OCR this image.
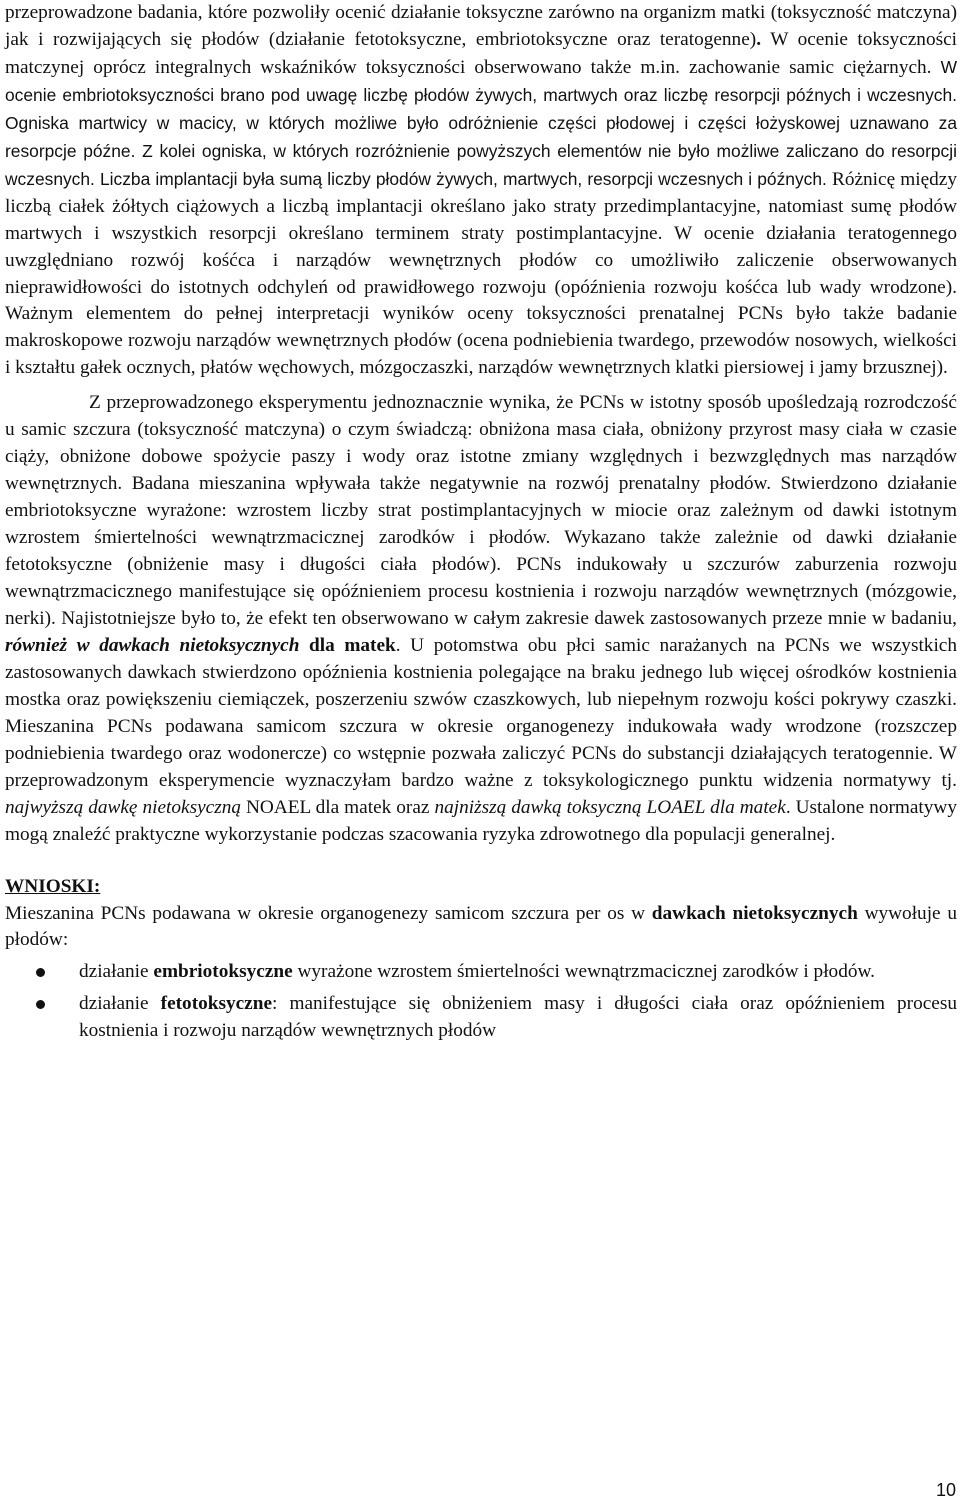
przeprowadzone badania, które pozwoliły ocenić działanie toksyczne zarówno na organizm matki (toksyczność matczyna) jak i rozwijających się płodów (działanie fetotoksyczne, embriotoksyczne oraz teratogenne). W ocenie toksyczności matczynej oprócz integralnych wskaźników toksyczności obserwowano także m.in. zachowanie samic ciężarnych. W ocenie embriotoksyczności brano pod uwagę liczbę płodów żywych, martwych oraz liczbę resorpcji późnych i wczesnych. Ogniska martwicy w macicy, w których możliwe było odróżnienie części płodowej i części łożyskowej uznawano za resorpcje późne. Z kolei ogniska, w których rozróżnienie powyższych elementów nie było możliwe zaliczano do resorpcji wczesnych. Liczba implantacji była sumą liczby płodów żywych, martwych, resorpcji wczesnych i późnych. Różnicę między liczbą ciałek żółtych ciążowych a liczbą implantacji określano jako straty przedimplantacyjne, natomiast sumę płodów martwych i wszystkich resorpcji określano terminem straty postimplantacyjne. W ocenie działania teratogennego uwzględniano rozwój kośćca i narządów wewnętrznych płodów co umożliwiło zaliczenie obserwowanych nieprawidłowości do istotnych odchyleń od prawidłowego rozwoju (opóźnienia rozwoju kośćca lub wady wrodzone). Ważnym elementem do pełnej interpretacji wyników oceny toksyczności prenatalnej PCNs było także badanie makroskopowe rozwoju narządów wewnętrznych płodów (ocena podniebienia twardego, przewodów nosowych, wielkości i kształtu gałek ocznych, płatów węchowych, mózgoczaszki, narządów wewnętrznych klatki piersiowej i jamy brzusznej).

Z przeprowadzonego eksperymentu jednoznacznie wynika, że PCNs w istotny sposób upośledzają rozrodczość u samic szczura (toksyczność matczyna) o czym świadczą: obniżona masa ciała, obniżony przyrost masy ciała w czasie ciąży, obniżone dobowe spożycie paszy i wody oraz istotne zmiany względnych i bezwzględnych mas narządów wewnętrznych. Badana mieszanina wpływała także negatywnie na rozwój prenatalny płodów. Stwierdzono działanie embriotoksyczne wyrażone: wzrostem liczby strat postimplantacyjnych w miocie oraz zależnym od dawki istotnym wzrostem śmiertelności wewnątrzmacicznej zarodków i płodów. Wykazano także zależnie od dawki działanie fetotoksyczne (obniżenie masy i długości ciała płodów). PCNs indukowały u szczurów zaburzenia rozwoju wewnątrzmacicznego manifestujące się opóźnieniem procesu kostnienia i rozwoju narządów wewnętrznych (mózgowie, nerki). Najistotniejsze było to, że efekt ten obserwowano w całym zakresie dawek zastosowanych przeze mnie w badaniu, również w dawkach nietoksycznych dla matek. U potomstwa obu płci samic narażanych na PCNs we wszystkich zastosowanych dawkach stwierdzono opóźnienia kostnienia polegające na braku jednego lub więcej ośrodków kostnienia mostka oraz powiększeniu ciemiączek, poszerzeniu szwów czaszkowych, lub niepełnym rozwoju kości pokrywy czaszki. Mieszanina PCNs podawana samicom szczura w okresie organogenezy indukowała wady wrodzone (rozszczep podniebienia twardego oraz wodonercze) co wstępnie pozwała zaliczyć PCNs do substancji działających teratogennie. W przeprowadzonym eksperymencie wyznaczyłam bardzo ważne z toksykologicznego punktu widzenia normatywy tj. najwyższą dawkę nietoksyczną NOAEL dla matek oraz najniższą dawką toksyczną LOAEL dla matek. Ustalone normatywy mogą znaleźć praktyczne wykorzystanie podczas szacowania ryzyka zdrowotnego dla populacji generalnej.

WNIOSKI:

Mieszanina PCNs podawana w okresie organogenezy samicom szczura per os w dawkach nietoksycznych wywołuje u płodów:

działanie embriotoksyczne wyrażone wzrostem śmiertelności wewnątrzmacicznej zarodków i płodów.
działanie fetotoksyczne: manifestujące się obniżeniem masy i długości ciała oraz opóźnieniem procesu kostnienia i rozwoju narządów wewnętrznych płodów
10
